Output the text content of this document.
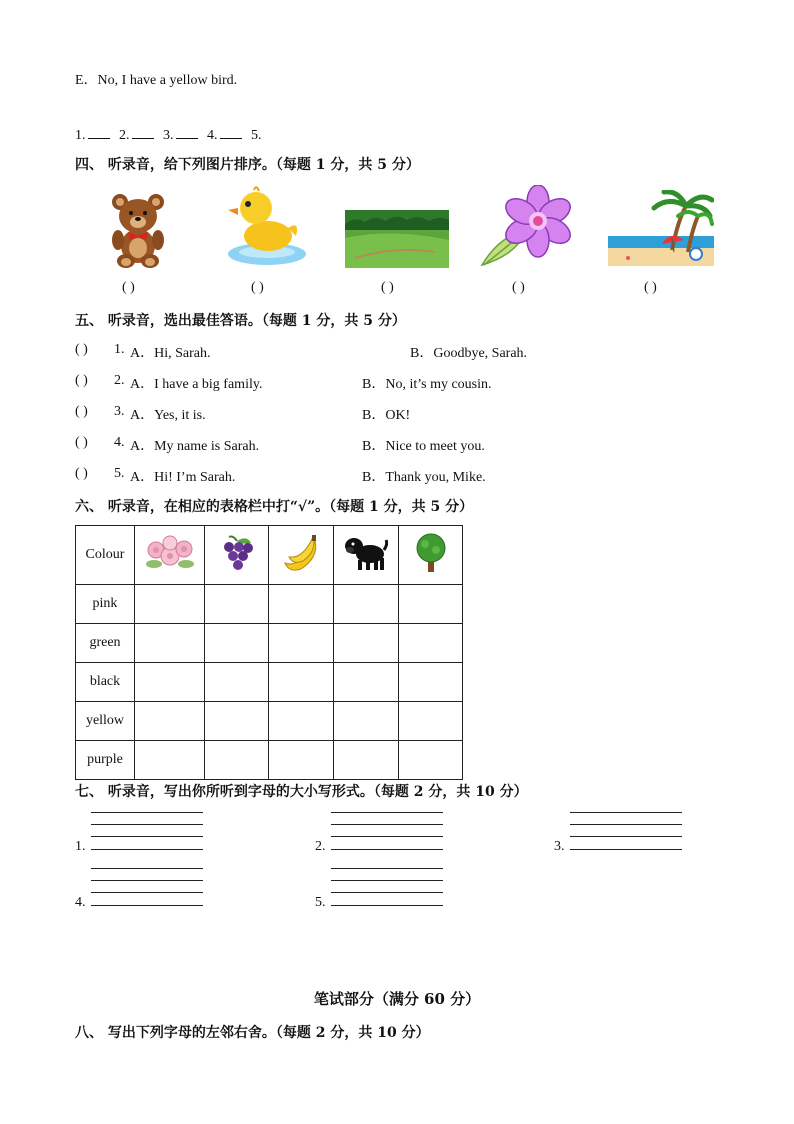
E．No, I have a yellow bird.
1. 2. 3. 4. 5.
四、 听录音，给下列图片排序。（每题 1 分，共 5 分）
( )	( )	( )	( )	( )
五、 听录音，选出最佳答语。（每题 1 分，共 5 分）
( ) 1. A．Hi, Sarah.	B．Goodbye, Sarah.
( ) 2. A．I have a big family.	B．No, it’s my cousin.
( ) 3. A．Yes, it is.	B．OK!
( ) 4. A．My name is Sarah.	B．Nice to meet you.
( ) 5. A．Hi! I’m Sarah.	B．Thank you, Mike.
六、 听录音，在相应的表格栏中打“√”。（每题 1 分，共 5 分）
Colour					
pink					
green					
black					
yellow					
purple					
七、 听录音，写出你所听到字母的大小写形式。（每题 2 分，共 10 分）
1.	2.	3.
4.	5.
笔试部分（满分 60 分）
八、 写出下列字母的左邻右舍。（每题 2 分，共 10 分）
